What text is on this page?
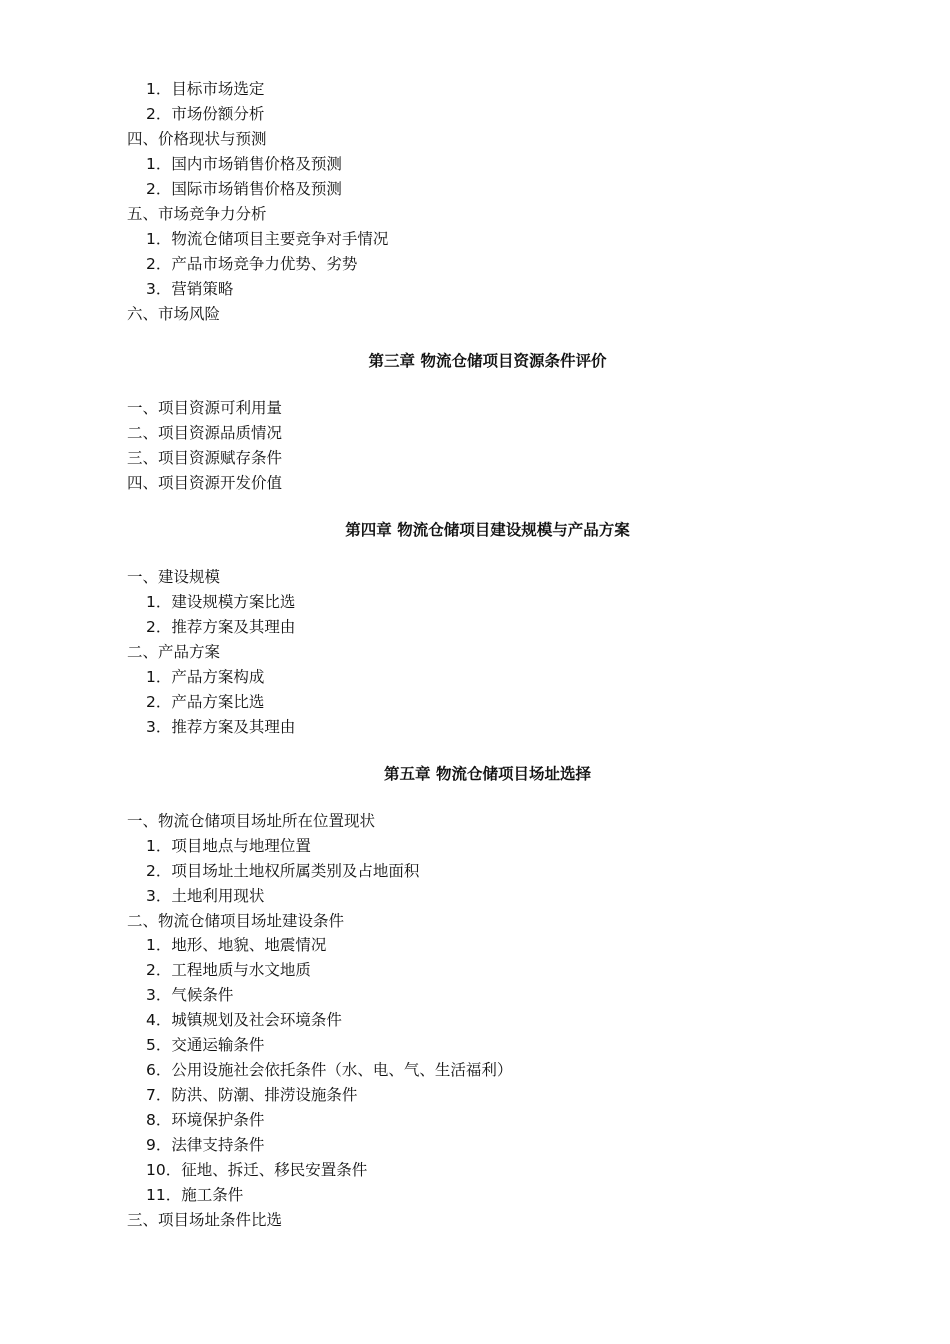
1．目标市场选定
2．市场份额分析
四、价格现状与预测
1．国内市场销售价格及预测
2．国际市场销售价格及预测
五、市场竞争力分析
1．物流仓储项目主要竞争对手情况
2．产品市场竞争力优势、劣势
3．营销策略
六、市场风险
第三章 物流仓储项目资源条件评价
一、项目资源可利用量
二、项目资源品质情况
三、项目资源赋存条件
四、项目资源开发价值
第四章 物流仓储项目建设规模与产品方案
一、建设规模
1．建设规模方案比选
2．推荐方案及其理由
二、产品方案
1．产品方案构成
2．产品方案比选
3．推荐方案及其理由
第五章 物流仓储项目场址选择
一、物流仓储项目场址所在位置现状
1．项目地点与地理位置
2．项目场址土地权所属类别及占地面积
3．土地利用现状
二、物流仓储项目场址建设条件
1．地形、地貌、地震情况
2．工程地质与水文地质
3．气候条件
4．城镇规划及社会环境条件
5．交通运输条件
6．公用设施社会依托条件（水、电、气、生活福利）
7．防洪、防潮、排涝设施条件
8．环境保护条件
9．法律支持条件
10．征地、拆迁、移民安置条件
11．施工条件
三、项目场址条件比选
